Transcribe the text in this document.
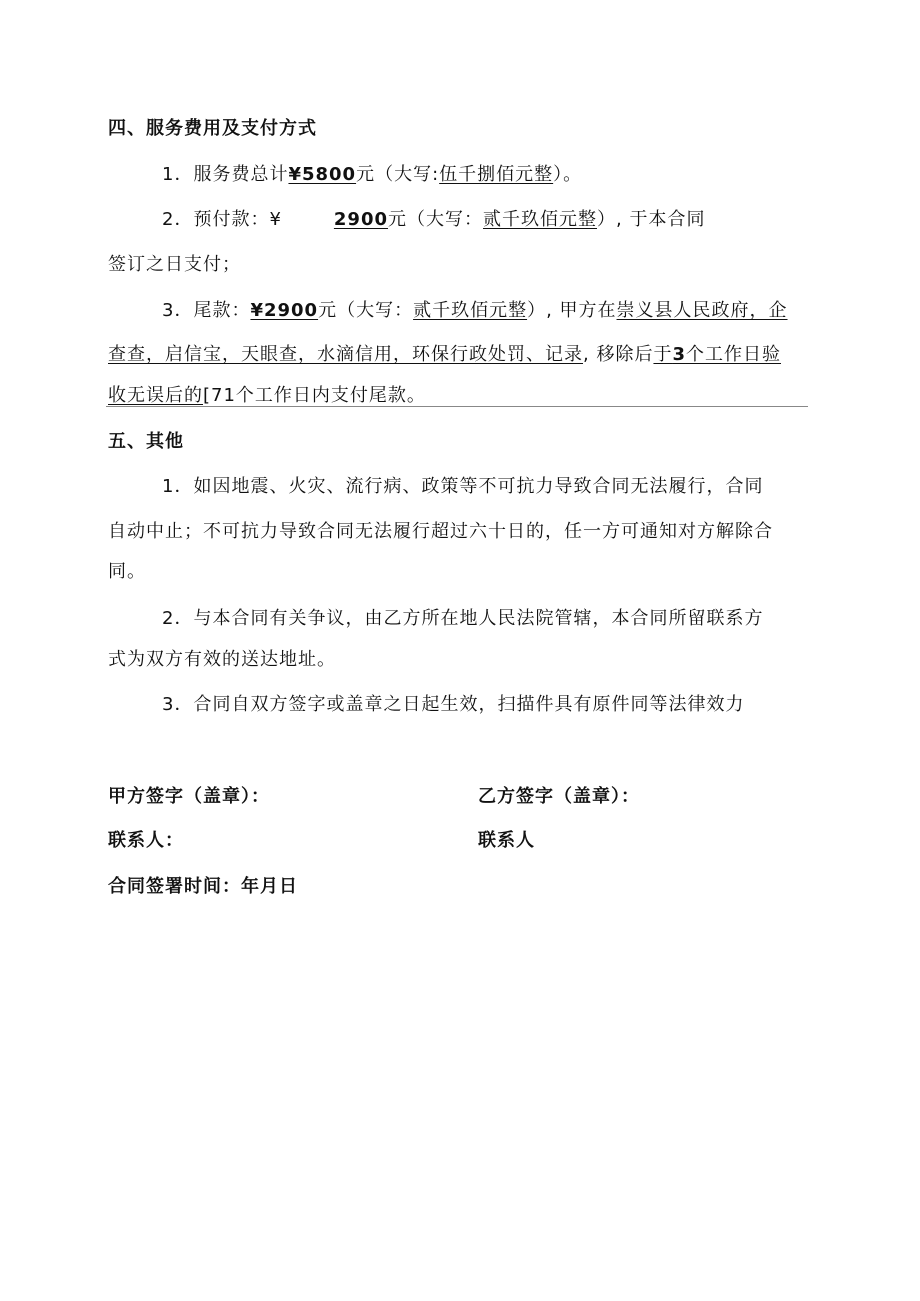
四、服务费用及支付方式
1．服务费总计¥5800元（大写:伍千捌佰元整）。
2．预付款：¥	2900元（大写：贰千玖佰元整）, 于本合同
签订之日支付；
3．尾款：¥2900元（大写：贰千玖佰元整）, 甲方在崇义县人民政府，企
查查，启信宝，天眼查，水滴信用，环保行政处罚、记录, 移除后于3个工作日验
收无误后的[71个工作日内支付尾款。
五、其他
1．如因地震、火灾、流行病、政策等不可抗力导致合同无法履行，合同
自动中止；不可抗力导致合同无法履行超过六十日的，任一方可通知对方解除合
同。
2．与本合同有关争议，由乙方所在地人民法院管辖，本合同所留联系方
式为双方有效的送达地址。
3．合同自双方签字或盖章之日起生效，扫描件具有原件同等法律效力
甲方签字（盖章）：	乙方签字（盖章）：
联系人：	联系人
合同签署时间：年月日
